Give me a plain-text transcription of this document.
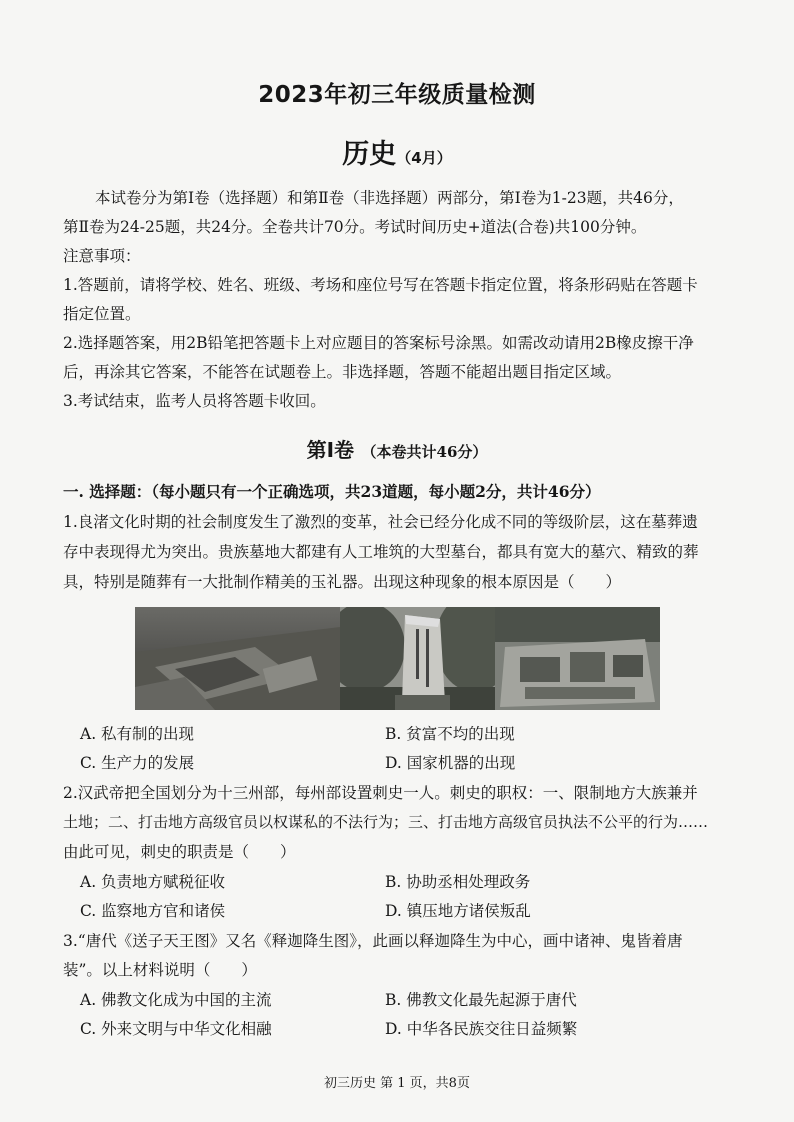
2023年初三年级质量检测
历史（4月）
本试卷分为第Ⅰ卷（选择题）和第Ⅱ卷（非选择题）两部分，第Ⅰ卷为1-23题，共46分，
第Ⅱ卷为24-25题，共24分。全卷共计70分。考试时间历史+道法(合卷)共100分钟。
注意事项：
1.答题前，请将学校、姓名、班级、考场和座位号写在答题卡指定位置，将条形码贴在答题卡
指定位置。
2.选择题答案，用2B铅笔把答题卡上对应题目的答案标号涂黑。如需改动请用2B橡皮擦干净
后，再涂其它答案，不能答在试题卷上。非选择题，答题不能超出题目指定区域。
3.考试结束，监考人员将答题卡收回。
第Ⅰ卷　 （本卷共计46分）
一. 选择题：（每小题只有一个正确选项，共23道题，每小题2分，共计46分）
1.良渚文化时期的社会制度发生了激烈的变革，社会已经分化成不同的等级阶层，这在墓葬遗
存中表现得尤为突出。贵族墓地大都建有人工堆筑的大型墓台，都具有宽大的墓穴、精致的葬
具，特别是随葬有一大批制作精美的玉礼器。出现这种现象的根本原因是（　　）
A. 私有制的出现	B. 贫富不均的出现
C. 生产力的发展	D. 国家机器的出现
2.汉武帝把全国划分为十三州部，每州部设置刺史一人。刺史的职权：一、限制地方大族兼并
土地；二、打击地方高级官员以权谋私的不法行为；三、打击地方高级官员执法不公平的行为……
由此可见，刺史的职责是（　　）
A. 负责地方赋税征收	B. 协助丞相处理政务
C. 监察地方官和诸侯	D. 镇压地方诸侯叛乱
3.“唐代《送子天王图》又名《释迦降生图》，此画以释迦降生为中心，画中诸神、鬼皆着唐
装”。以上材料说明（　　）
A. 佛教文化成为中国的主流	B. 佛教文化最先起源于唐代
C. 外来文明与中华文化相融	D. 中华各民族交往日益频繁
初三历史 第 1 页，共8页
